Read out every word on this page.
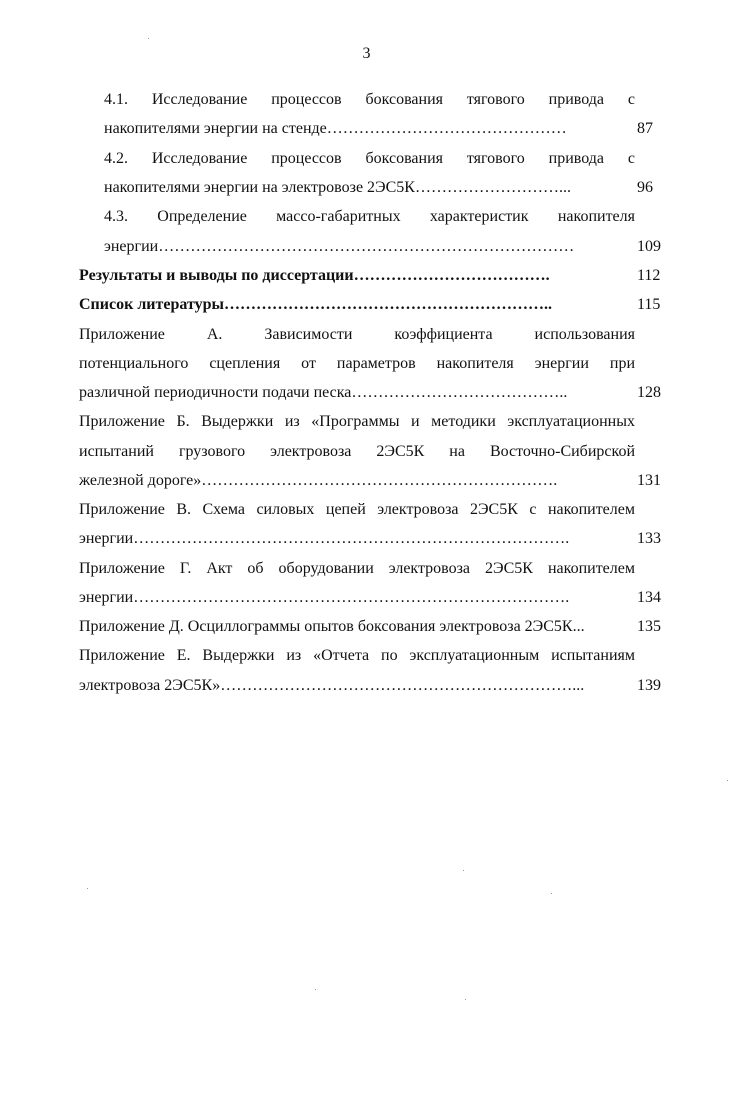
3
4.1. Исследование процессов боксования тягового привода с
накопителями энергии на стенде………………………………………	87
4.2. Исследование процессов боксования тягового привода с
накопителями энергии на электровозе 2ЭС5К………………………...	96
4.3. Определение массо-габаритных характеристик накопителя
энергии……………………………………………………………………	109
Результаты и выводы по диссертации……………………………….	112
Список литературы……………………………………………………..	115
Приложение А. Зависимости коэффициента использования
потенциального сцепления от параметров накопителя энергии при
различной периодичности подачи песка…………………………………..	128
Приложение Б. Выдержки из «Программы и методики эксплуатационных
испытаний грузового электровоза 2ЭС5К на Восточно-Сибирской
железной дороге»………………………………………………………….	131
Приложение В. Схема силовых цепей электровоза 2ЭС5К с накопителем
энергии……………………………………………………………………….	133
Приложение Г. Акт об оборудовании электровоза 2ЭС5К накопителем
энергии……………………………………………………………………….	134
Приложение Д. Осциллограммы опытов боксования электровоза 2ЭС5К...	135
Приложение Е. Выдержки из «Отчета по эксплуатационным испытаниям
электровоза 2ЭС5К»…………………………………………………………...	139
